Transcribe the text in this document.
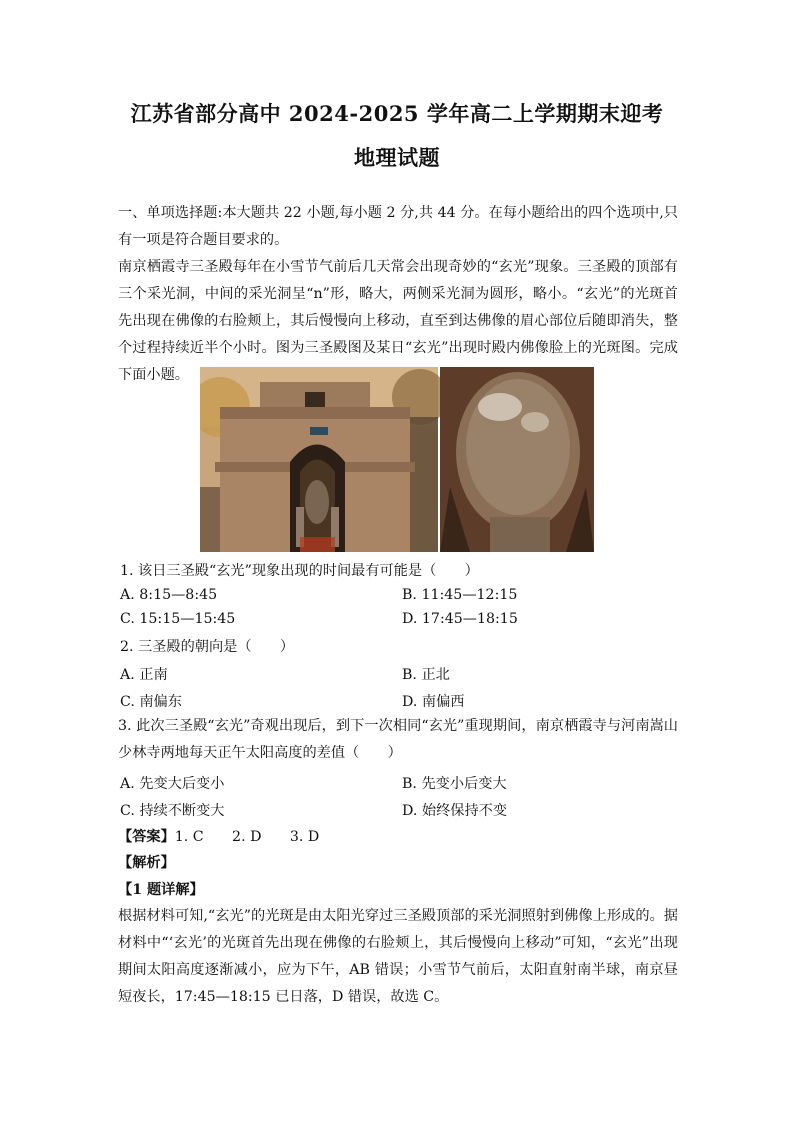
江苏省部分高中 2024-2025 学年高二上学期期末迎考
地理试题
一、单项选择题:本大题共 22 小题,每小题 2 分,共 44 分。在每小题给出的四个选项中,只有一项是符合题目要求的。
南京栖霞寺三圣殿每年在小雪节气前后几天常会出现奇妙的“玄光”现象。三圣殿的顶部有三个采光洞，中间的采光洞呈“n”形，略大，两侧采光洞为圆形，略小。“玄光”的光斑首先出现在佛像的右脸颊上，其后慢慢向上移动，直至到达佛像的眉心部位后随即消失，整个过程持续近半个小时。图为三圣殿图及某日“玄光”出现时殿内佛像脸上的光斑图。完成下面小题。
1. 该日三圣殿“玄光”现象出现的时间最有可能是（　　）
A. 8:15—8:45	B. 11:45—12:15
C. 15:15—15:45	D. 17:45—18:15
2. 三圣殿的朝向是（　　）
A. 正南	B. 正北
C. 南偏东	D. 南偏西
3. 此次三圣殿“玄光”奇观出现后，到下一次相同“玄光”重现期间，南京栖霞寺与河南嵩山少林寺两地每天正午太阳高度的差值（　　）
A. 先变大后变小	B. 先变小后变大
C. 持续不断变大	D. 始终保持不变
【答案】1. C　　2. D　　3. D
【解析】
【1 题详解】
根据材料可知,“玄光”的光斑是由太阳光穿过三圣殿顶部的采光洞照射到佛像上形成的。据材料中“‘玄光’的光斑首先出现在佛像的右脸颊上，其后慢慢向上移动”可知，“玄光”出现期间太阳高度逐渐减小，应为下午，AB 错误；小雪节气前后，太阳直射南半球，南京昼短夜长，17:45—18:15 已日落，D 错误，故选 C。
